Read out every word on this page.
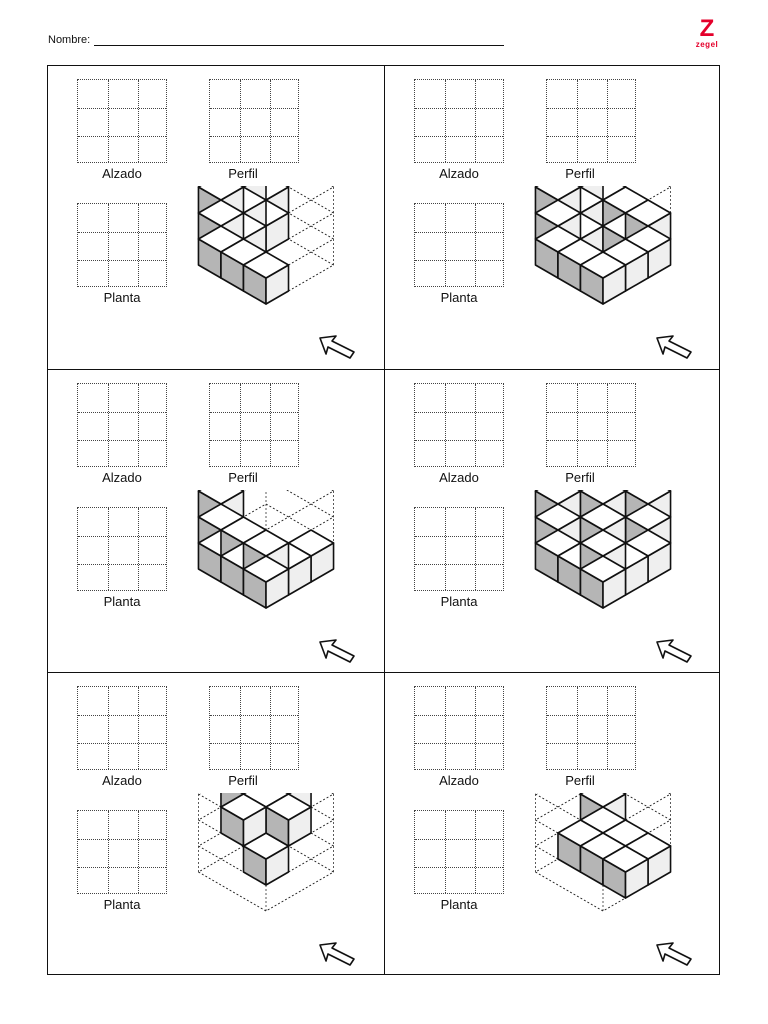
Nombre:	Z
zegel
Alzado	Perfil
Planta
Alzado	Perfil
Planta
Alzado	Perfil
Planta
Alzado	Perfil
Planta
Alzado	Perfil
Planta
Alzado	Perfil
Planta
